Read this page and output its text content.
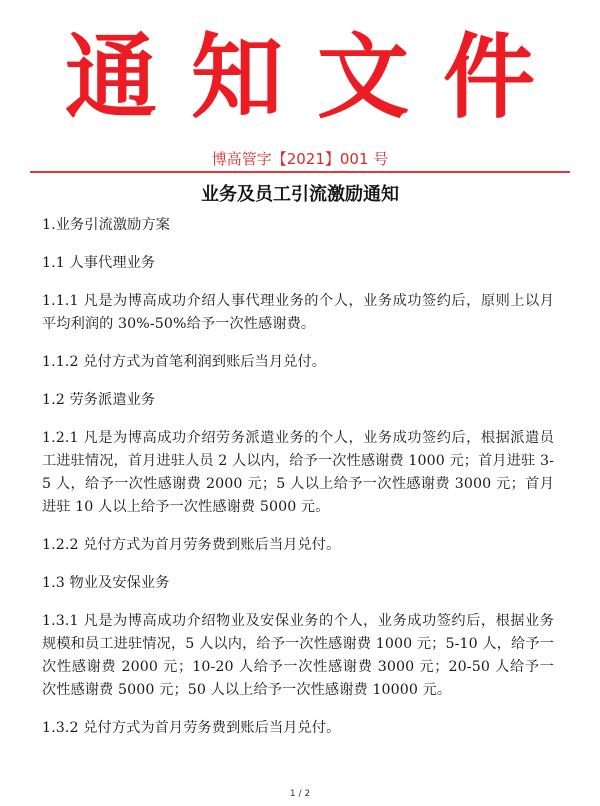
通知文件
博高管字【2021】001 号
业务及员工引流激励通知

1.业务引流激励方案

1.1 人事代理业务

1.1.1 凡是为博高成功介绍人事代理业务的个人，业务成功签约后，原则上以月平均利润的 30%-50%给予一次性感谢费。

1.1.2 兑付方式为首笔利润到账后当月兑付。

1.2 劳务派遣业务

1.2.1 凡是为博高成功介绍劳务派遣业务的个人，业务成功签约后，根据派遣员工进驻情况，首月进驻人员 2 人以内，给予一次性感谢费 1000 元；首月进驻 3-5 人，给予一次性感谢费 2000 元；5 人以上给予一次性感谢费 3000 元；首月进驻 10 人以上给予一次性感谢费 5000 元。

1.2.2 兑付方式为首月劳务费到账后当月兑付。

1.3 物业及安保业务

1.3.1 凡是为博高成功介绍物业及安保业务的个人，业务成功签约后，根据业务规模和员工进驻情况，5 人以内，给予一次性感谢费 1000 元；5-10 人，给予一次性感谢费 2000 元；10-20 人给予一次性感谢费 3000 元；20-50 人给予一次性感谢费 5000 元；50 人以上给予一次性感谢费 10000 元。

1.3.2 兑付方式为首月劳务费到账后当月兑付。

1 / 2
